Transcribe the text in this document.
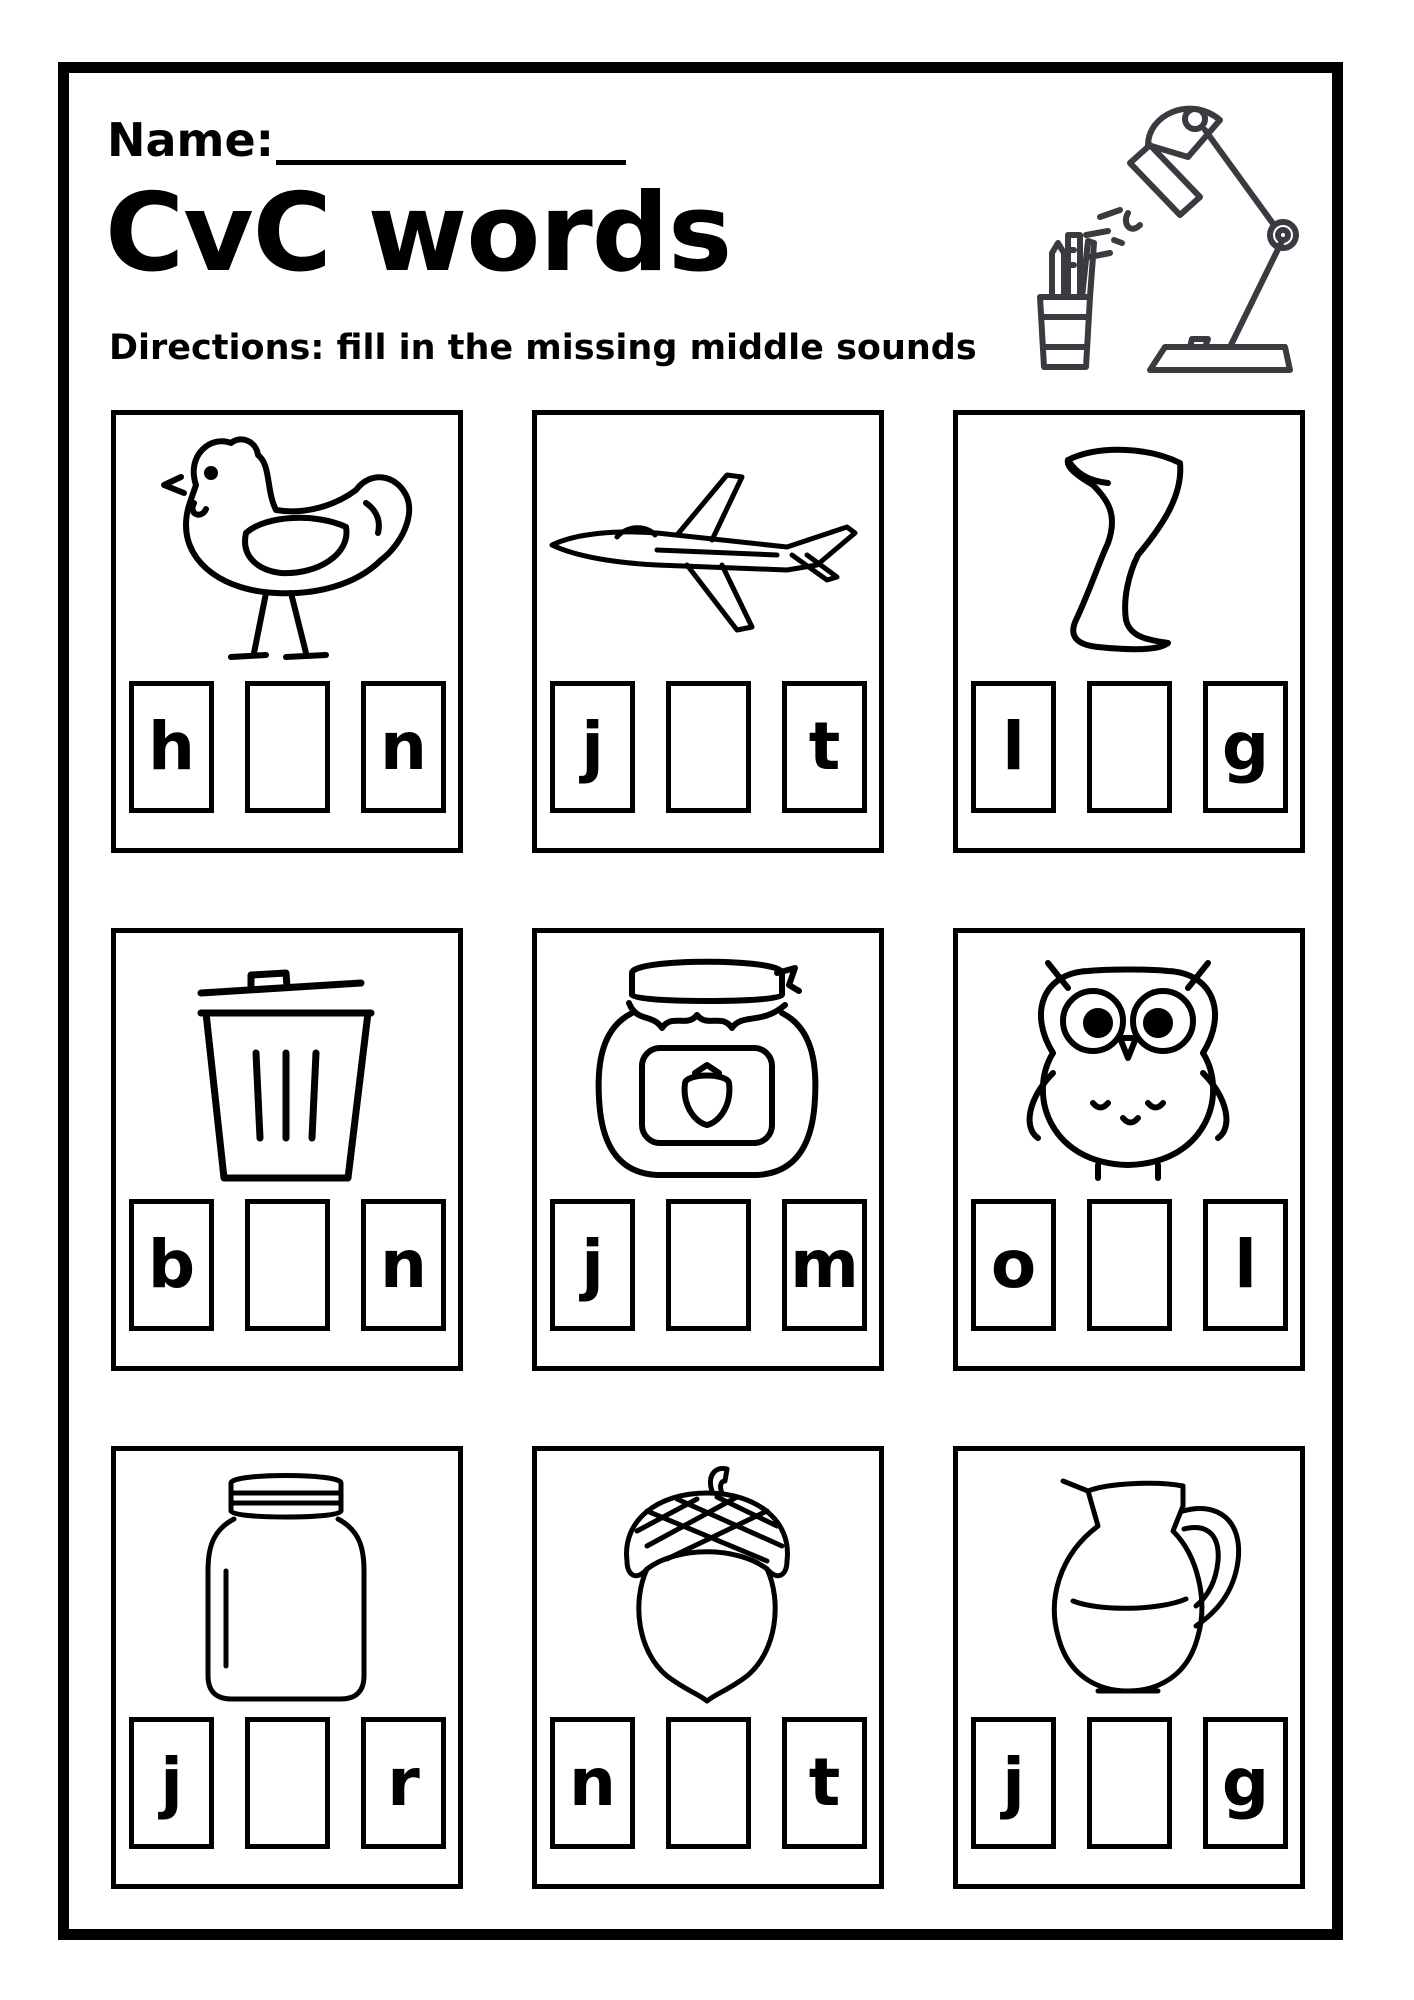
Name:
CvC words
Directions: fill in the missing middle sounds
h	n	j	t	l	g
b	n	j	m	o	l
j	r	n	t	j	g
